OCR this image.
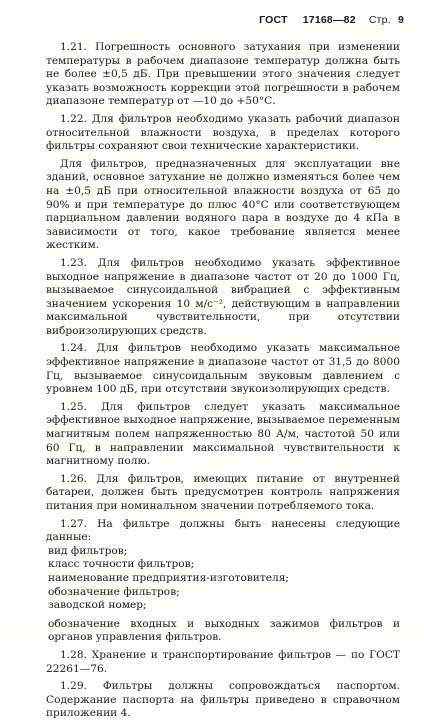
ГОСТ 17168—82 Стр. 9

1.21. Погрешность основного затухания при изменении температуры в рабочем диапазоне температур должна быть не более ±0,5 дБ. При превышении этого значения следует указать возможность коррекции этой погрешности в рабочем диапазоне температур от —10 до +50°С.

1.22. Для фильтров необходимо указать рабочий диапазон относительной влажности воздуха, в пределах которого фильтры сохраняют свои технические характеристики.

Для фильтров, предназначенных для эксплуатации вне зданий, основное затухание не должно изменяться более чем на ±0,5 дБ при относительной влажности воздуха от 65 до 90% и при температуре до плюс 40°С или соответствующем парциальном давлении водяного пара в воздухе до 4 кПа в зависимости от того, какое требование является менее жестким.

1.23. Для фильтров необходимо указать эффективное выходное напряжение в диапазоне частот от 20 до 1000 Гц, вызываемое синусоидальной вибрацией с эффективным значением ускорения 10 м/с⁻², действующим в направлении максимальной чувствительности, при отсутствии виброизолирующих средств.

1.24. Для фильтров необходимо указать максимальное эффективное напряжение в диапазоне частот от 31,5 до 8000 Гц, вызываемое синусоидальным звуковым давлением с уровнем 100 дБ, при отсутствии звукоизолирующих средств.

1.25. Для фильтров следует указать максимальное эффективное выходное напряжение, вызываемое переменным магнитным полем напряженностью 80 А/м, частотой 50 или 60 Гц, в направлении максимальной чувствительности к магнитному полю.

1.26. Для фильтров, имеющих питание от внутренней батареи, должен быть предусмотрен контроль напряжения питания при номинальном значении потребляемого тока.

1.27. На фильтре должны быть нанесены следующие данные:

вид фильтров;
класс точности фильтров;
наименование предприятия-изготовителя;
обозначение фильтров;
заводской номер;
обозначение входных и выходных зажимов фильтров и органов управления фильтров.

1.28. Хранение и транспортирование фильтров — по ГОСТ 22261—76.

1.29. Фильтры должны сопровождаться паспортом. Содержание паспорта на фильтры приведено в справочном приложении 4.
